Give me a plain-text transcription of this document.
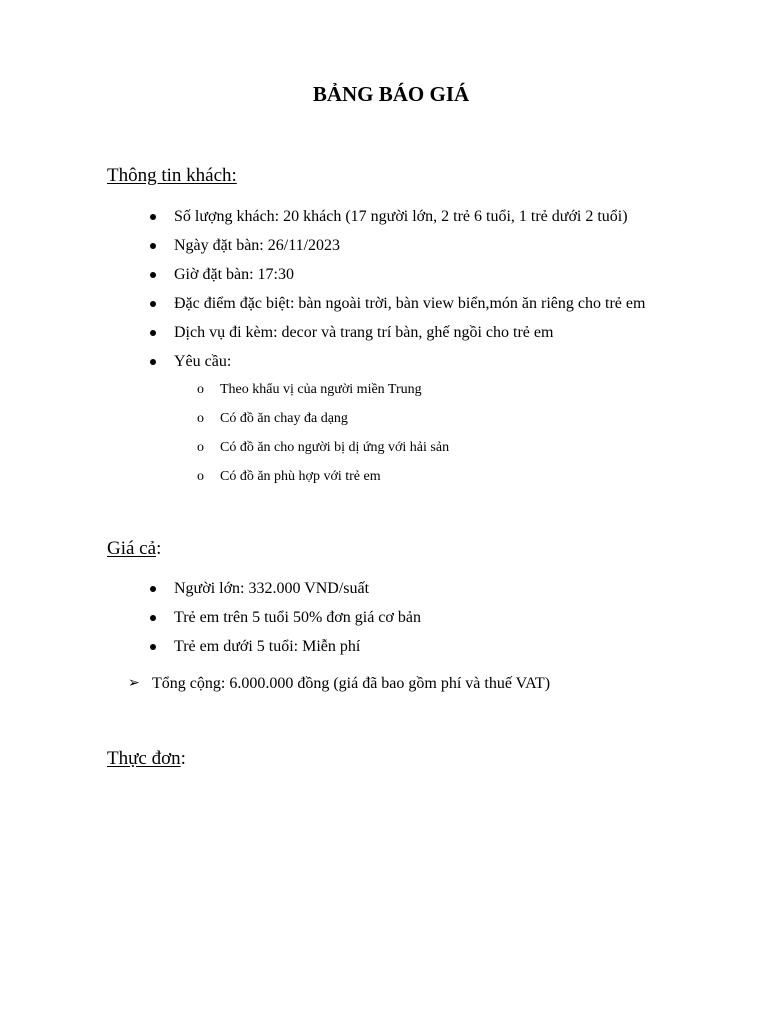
BẢNG BÁO GIÁ
Thông tin khách:
Số lượng khách: 20 khách (17 người lớn, 2 trẻ 6 tuổi, 1 trẻ dưới 2 tuổi)
Ngày đặt bàn: 26/11/2023
Giờ đặt bàn: 17:30
Đặc điểm đặc biệt: bàn ngoài trời, bàn view biển,món ăn riêng cho trẻ em
Dịch vụ đi kèm: decor và trang trí bàn, ghế ngồi cho trẻ em
Yêu cầu:
o Theo khẩu vị của người miền Trung
o Có đồ ăn chay đa dạng
o Có đồ ăn cho người bị dị ứng với hải sản
o Có đồ ăn phù hợp với trẻ em
Giá cả:
Người lớn: 332.000 VND/suất
Trẻ em trên 5 tuổi 50% đơn giá cơ bản
Trẻ em dưới 5 tuổi: Miễn phí
➢ Tổng cộng: 6.000.000 đồng (giá đã bao gồm phí và thuế VAT)
Thực đơn:
